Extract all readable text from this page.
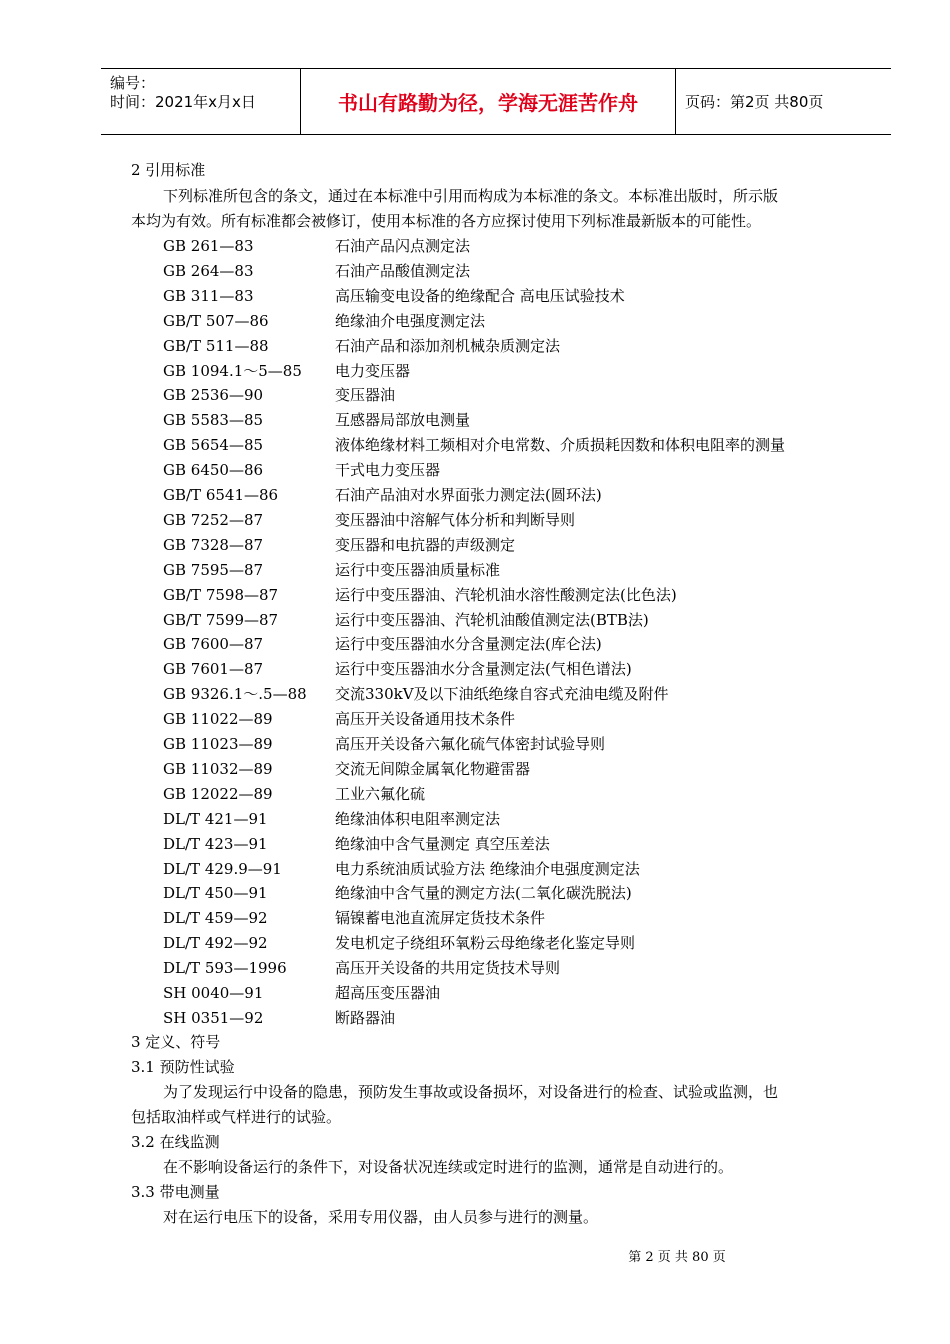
编号：
时间：2021年x月x日	书山有路勤为径，学海无涯苦作舟	页码：第2页 共80页
2 引用标准
下列标准所包含的条文，通过在本标准中引用而构成为本标准的条文。本标准出版时，所示版
本均为有效。所有标准都会被修订，使用本标准的各方应探讨使用下列标准最新版本的可能性。
GB 261—83	石油产品闪点测定法
GB 264—83	石油产品酸值测定法
GB 311—83	高压输变电设备的绝缘配合 高电压试验技术
GB/T 507—86	绝缘油介电强度测定法
GB/T 511—88	石油产品和添加剂机械杂质测定法
GB 1094.1～5—85 电力变压器
GB 2536—90	变压器油
GB 5583—85	互感器局部放电测量
GB 5654—85	液体绝缘材料工频相对介电常数、介质损耗因数和体积电阻率的测量
GB 6450—86	干式电力变压器
GB/T 6541—86	石油产品油对水界面张力测定法(圆环法)
GB 7252—87	变压器油中溶解气体分析和判断导则
GB 7328—87	变压器和电抗器的声级测定
GB 7595—87	运行中变压器油质量标准
GB/T 7598—87	运行中变压器油、汽轮机油水溶性酸测定法(比色法)
GB/T 7599—87	运行中变压器油、汽轮机油酸值测定法(BTB法)
GB 7600—87	运行中变压器油水分含量测定法(库仑法)
GB 7601—87	运行中变压器油水分含量测定法(气相色谱法)
GB 9326.1～.5—88 交流330kV及以下油纸绝缘自容式充油电缆及附件
GB 11022—89	高压开关设备通用技术条件
GB 11023—89	高压开关设备六氟化硫气体密封试验导则
GB 11032—89	交流无间隙金属氧化物避雷器
GB 12022—89	工业六氟化硫
DL/T 421—91	绝缘油体积电阻率测定法
DL/T 423—91	绝缘油中含气量测定 真空压差法
DL/T 429.9—91	电力系统油质试验方法 绝缘油介电强度测定法
DL/T 450—91	绝缘油中含气量的测定方法(二氧化碳洗脱法)
DL/T 459—92	镉镍蓄电池直流屏定货技术条件
DL/T 492—92	发电机定子绕组环氧粉云母绝缘老化鉴定导则
DL/T 593—1996	高压开关设备的共用定货技术导则
SH 0040—91	超高压变压器油
SH 0351—92	断路器油
3 定义、符号
3.1 预防性试验
为了发现运行中设备的隐患，预防发生事故或设备损坏，对设备进行的检查、试验或监测，也
包括取油样或气样进行的试验。
3.2 在线监测
在不影响设备运行的条件下，对设备状况连续或定时进行的监测，通常是自动进行的。
3.3 带电测量
对在运行电压下的设备，采用专用仪器，由人员参与进行的测量。
第 2 页 共 80 页
